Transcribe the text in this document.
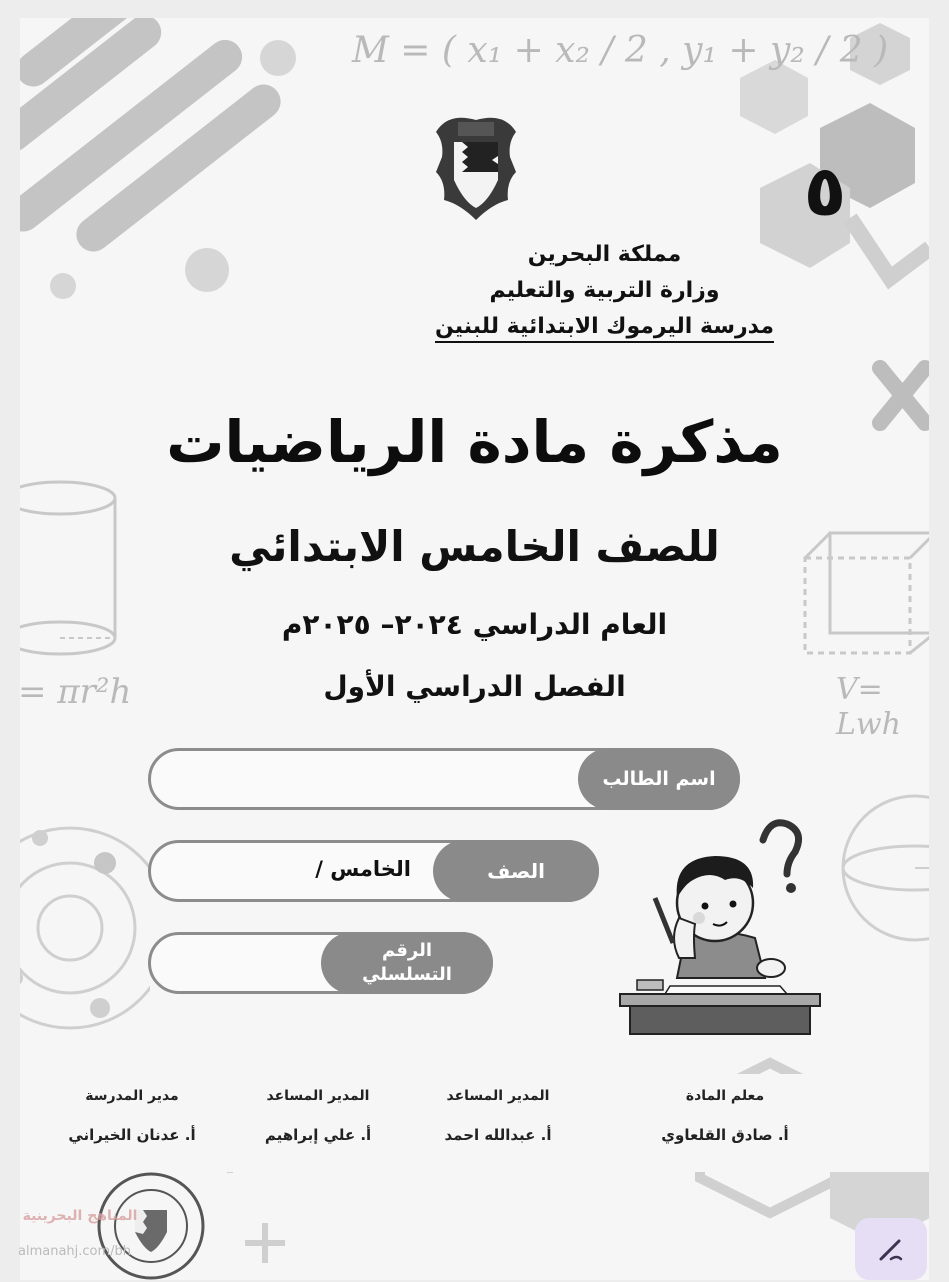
M = ( x₁ + x₂ / 2 , y₁ + y₂ / 2 )
= πr²h	V= Lwh
٥
مملكة البحرين
وزارة التربية والتعليم
مدرسة اليرموك الابتدائية للبنين
مذكرة مادة الرياضيات
للصف الخامس الابتدائي
العام الدراسي ٢٠٢٤– ٢٠٢٥م
الفصل الدراسي الأول
اسم الطالب
الصف
الخامس /
الرقم التسلسلي
معلم المادة
أ. صادق القلعاوي
المدير المساعد
أ. عبدالله احمد
المدير المساعد
أ. علي إبراهيم
مدير المدرسة
أ. عدنان الخيراني
المناهج البحرينية
almanahj.com/bh
